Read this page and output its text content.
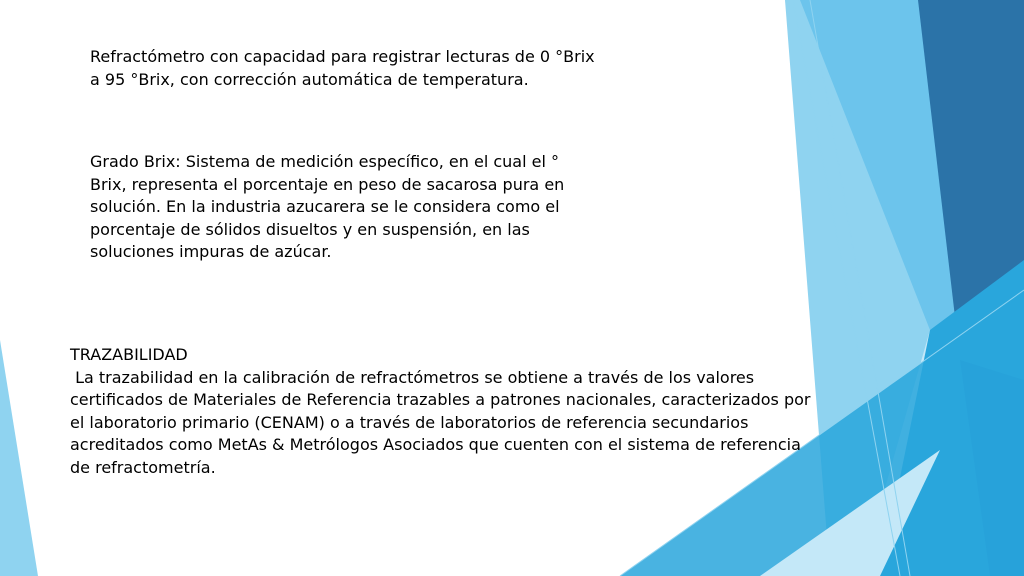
Refractómetro con capacidad para registrar lecturas de 0 °Brix a 95 °Brix, con corrección automática de temperatura.

Grado Brix: Sistema de medición específico, en el cual el ° Brix, representa el porcentaje en peso de sacarosa pura en solución. En la industria azucarera se le considera como el porcentaje de sólidos disueltos y en suspensión, en las soluciones impuras de azúcar.

TRAZABILIDAD
La trazabilidad en la calibración de refractómetros se obtiene a través de los valores certificados de Materiales de Referencia trazables a patrones nacionales, caracterizados por el laboratorio primario (CENAM) o a través de laboratorios de referencia secundarios acreditados como MetAs & Metrólogos Asociados que cuenten con el sistema de referencia de refractometría.
